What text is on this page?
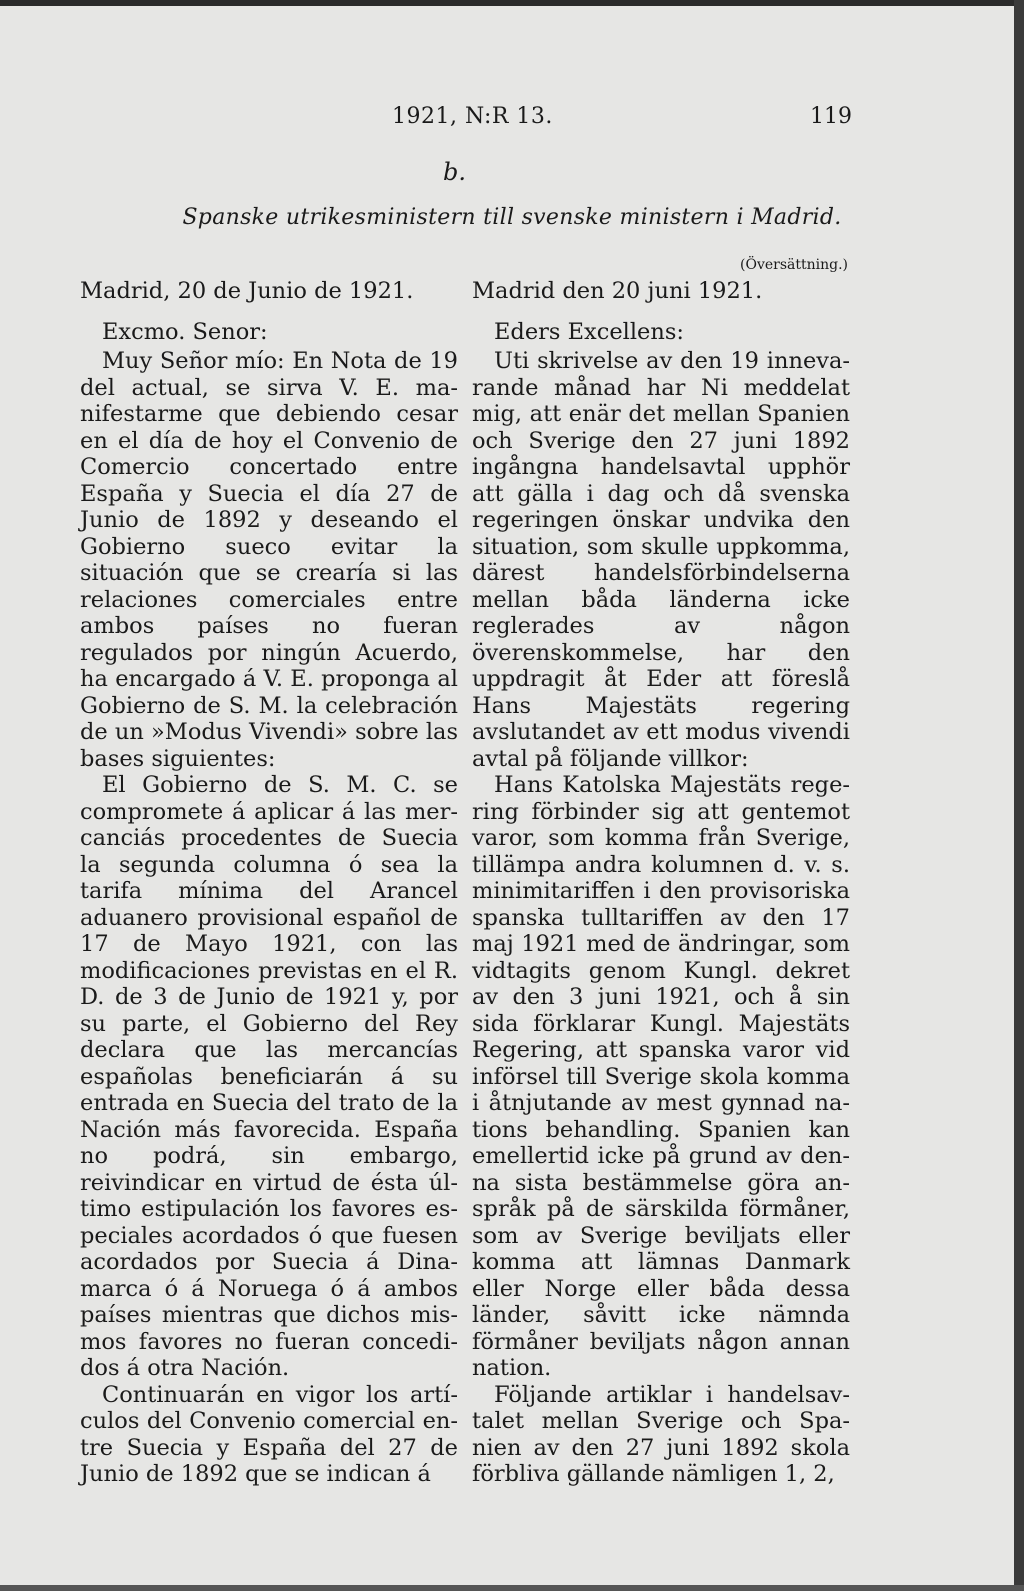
1921, N:R 13.	119
b.
Spanske utrikesministern till svenske ministern i Madrid.
Madrid, 20 de Junio de 1921.
Excmo. Senor:

Muy Señor mío: En Nota de 19 del actual, se sirva V. E. manifestarme que debiendo cesar en el día de hoy el Convenio de Comercio concertado entre España y Suecia el día 27 de Junio de 1892 y deseando el Gobierno sueco evitar la situación que se crearía si las relaciones comerciales entre ambos países no fueran regulados por ningún Acuerdo, ha encargado á V. E. proponga al Gobierno de S. M. la celebración de un »Modus Vivendi» sobre las bases siguientes:

El Gobierno de S. M. C. se compromete á aplicar á las mercanciás procedentes de Suecia la segunda columna ó sea la tarifa mínima del Arancel aduanero provisional español de 17 de Mayo 1921, con las modificaciones previstas en el R. D. de 3 de Junio de 1921 y, por su parte, el Gobierno del Rey declara que las mercancías españolas beneficiarán á su entrada en Suecia del trato de la Nación más favorecida. España no podrá, sin embargo, reivindicar en virtud de ésta último estipulación los favores especiales acordados ó que fuesen acordados por Suecia á Dinamarca ó á Noruega ó á ambos países mientras que dichos mismos favores no fueran concedidos á otra Nación.

Continuarán en vigor los artículos del Convenio comercial entre Suecia y España del 27 de Junio de 1892 que se indican á

(Översättning.)
Madrid den 20 juni 1921.
Eders Excellens:

Uti skrivelse av den 19 innevarande månad har Ni meddelat mig, att enär det mellan Spanien och Sverige den 27 juni 1892 ingångna handelsavtal upphör att gälla i dag och då svenska regeringen önskar undvika den situation, som skulle uppkomma, därest handelsförbindelserna mellan båda länderna icke reglerades av någon överenskommelse, har den uppdragit åt Eder att föreslå Hans Majestäts regering avslutandet av ett modus vivendi avtal på följande villkor:

Hans Katolska Majestäts regering förbinder sig att gentemot varor, som komma från Sverige, tillämpa andra kolumnen d. v. s. minimitariffen i den provisoriska spanska tulltariffen av den 17 maj 1921 med de ändringar, som vidtagits genom Kungl. dekret av den 3 juni 1921, och å sin sida förklarar Kungl. Majestäts Regering, att spanska varor vid införsel till Sverige skola komma i åtnjutande av mest gynnad nations behandling. Spanien kan emellertid icke på grund av denna sista bestämmelse göra anspråk på de särskilda förmåner, som av Sverige beviljats eller komma att lämnas Danmark eller Norge eller båda dessa länder, såvitt icke nämnda förmåner beviljats någon annan nation.

Följande artiklar i handelsavtalet mellan Sverige och Spanien av den 27 juni 1892 skola förbliva gällande nämligen 1, 2,
